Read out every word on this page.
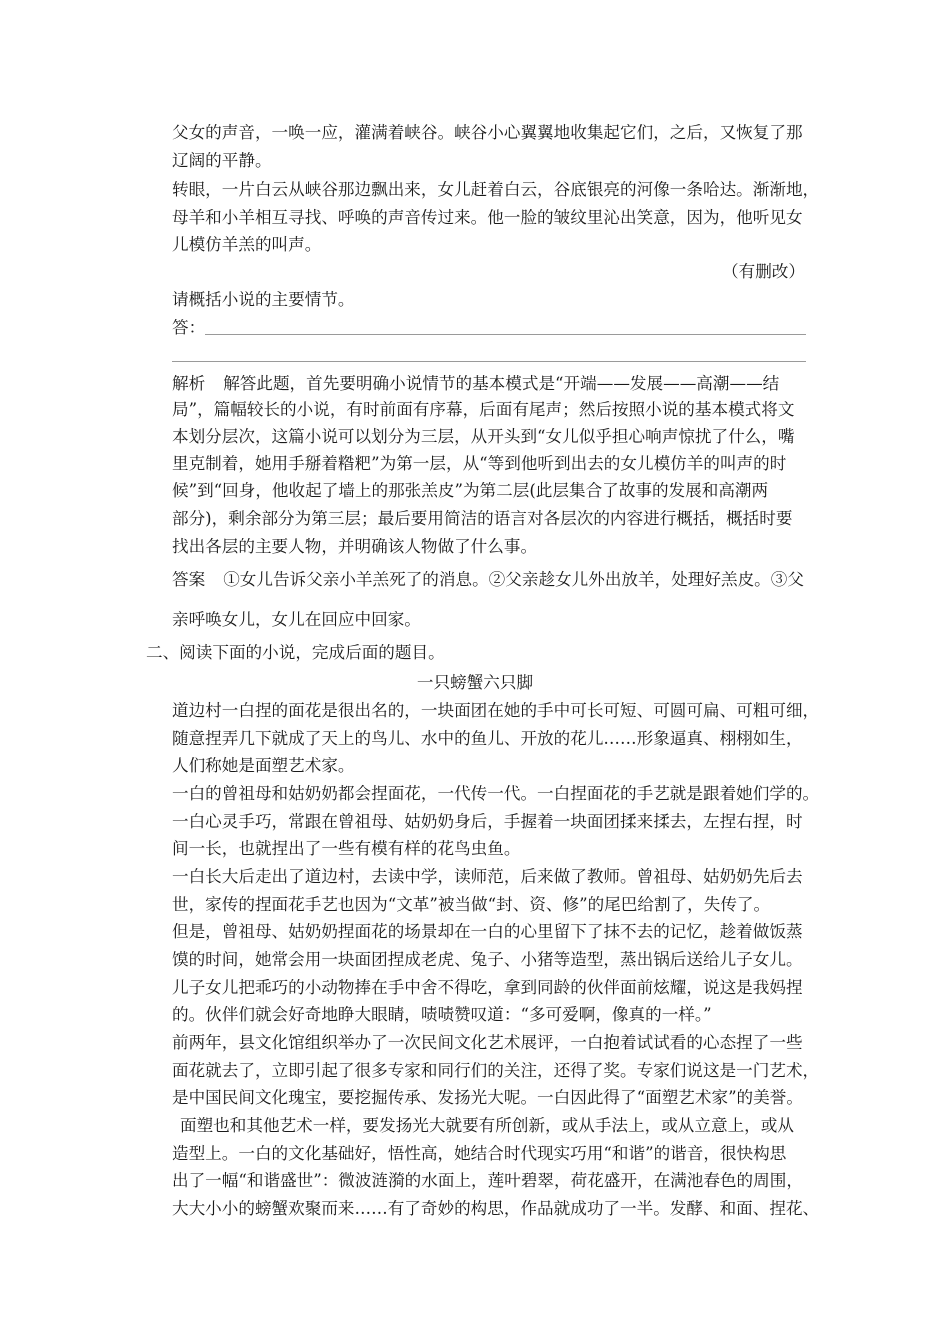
父女的声音，一唤一应，灌满着峡谷。峡谷小心翼翼地收集起它们，之后，又恢复了那
辽阔的平静。
转眼，一片白云从峡谷那边飘出来，女儿赶着白云，谷底银亮的河像一条哈达。渐渐地，
母羊和小羊相互寻找、呼唤的声音传过来。他一脸的皱纹里沁出笑意，因为，他听见女
儿模仿羊羔的叫声。
（有删改）
请概括小说的主要情节。
答：
解析 解答此题，首先要明确小说情节的基本模式是“开端——发展——高潮——结
局”，篇幅较长的小说，有时前面有序幕，后面有尾声；然后按照小说的基本模式将文
本划分层次，这篇小说可以划分为三层，从开头到“女儿似乎担心响声惊扰了什么，嘴
里克制着，她用手掰着糌粑”为第一层，从“等到他听到出去的女儿模仿羊的叫声的时
候”到“回身，他收起了墙上的那张羔皮”为第二层(此层集合了故事的发展和高潮两
部分)，剩余部分为第三层；最后要用简洁的语言对各层次的内容进行概括，概括时要
找出各层的主要人物，并明确该人物做了什么事。
答案 ①女儿告诉父亲小羊羔死了的消息。②父亲趁女儿外出放羊，处理好羔皮。③父
亲呼唤女儿，女儿在回应中回家。
二、阅读下面的小说，完成后面的题目。
一只螃蟹六只脚
道边村一白捏的面花是很出名的，一块面团在她的手中可长可短、可圆可扁、可粗可细，
随意捏弄几下就成了天上的鸟儿、水中的鱼儿、开放的花儿……形象逼真、栩栩如生，
人们称她是面塑艺术家。
一白的曾祖母和姑奶奶都会捏面花，一代传一代。一白捏面花的手艺就是跟着她们学的。
一白心灵手巧，常跟在曾祖母、姑奶奶身后，手握着一块面团揉来揉去，左捏右捏，时
间一长，也就捏出了一些有模有样的花鸟虫鱼。
一白长大后走出了道边村，去读中学，读师范，后来做了教师。曾祖母、姑奶奶先后去
世，家传的捏面花手艺也因为“文革”被当做“封、资、修”的尾巴给割了，失传了。
但是，曾祖母、姑奶奶捏面花的场景却在一白的心里留下了抹不去的记忆，趁着做饭蒸
馍的时间，她常会用一块面团捏成老虎、兔子、小猪等造型，蒸出锅后送给儿子女儿。
儿子女儿把乖巧的小动物捧在手中舍不得吃，拿到同龄的伙伴面前炫耀，说这是我妈捏
的。伙伴们就会好奇地睁大眼睛，啧啧赞叹道：“多可爱啊，像真的一样。”
前两年，县文化馆组织举办了一次民间文化艺术展评，一白抱着试试看的心态捏了一些
面花就去了，立即引起了很多专家和同行们的关注，还得了奖。专家们说这是一门艺术，
是中国民间文化瑰宝，要挖掘传承、发扬光大呢。一白因此得了“面塑艺术家”的美誉。
面塑也和其他艺术一样，要发扬光大就要有所创新，或从手法上，或从立意上，或从
造型上。一白的文化基础好，悟性高，她结合时代现实巧用“和谐”的谐音，很快构思
出了一幅“和谐盛世”：微波涟漪的水面上，莲叶碧翠，荷花盛开，在满池春色的周围，
大大小小的螃蟹欢聚而来……有了奇妙的构思，作品就成功了一半。发酵、和面、捏花、
